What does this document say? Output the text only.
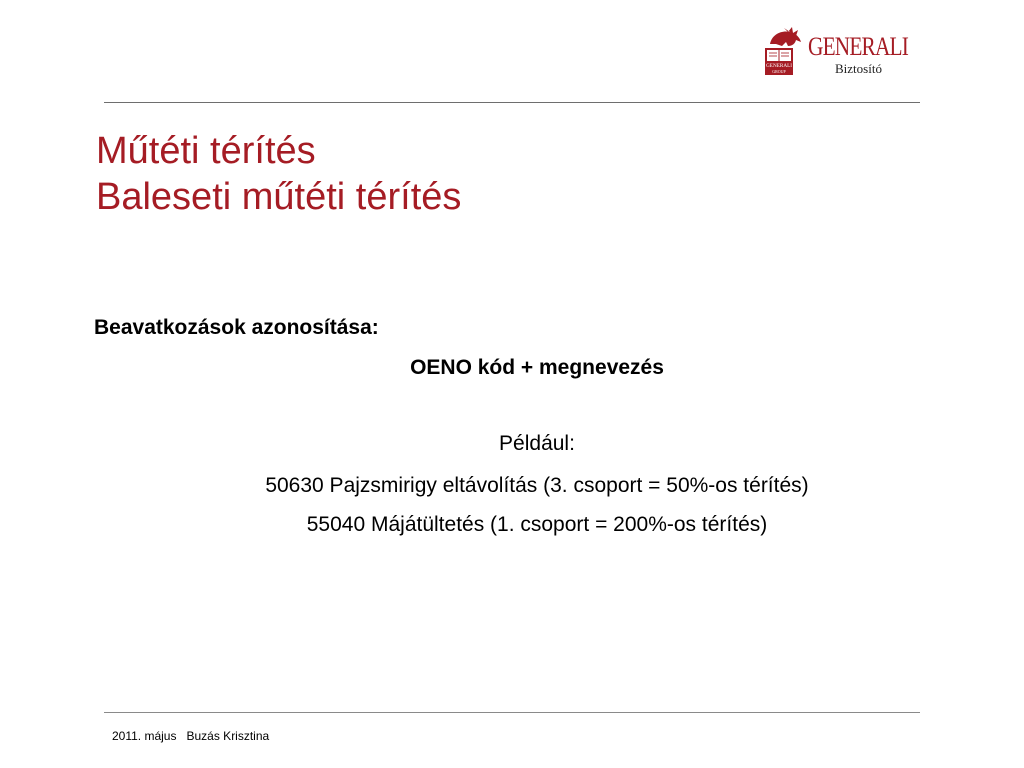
GENERALI
GROUP
GENERALI
Biztosító
Műtéti térítés
Baleseti műtéti térítés
Beavatkozások azonosítása:
OENO kód + megnevezés
Például:
50630 Pajzsmirigy eltávolítás (3. csoport = 50%-os térítés)
55040 Májátültetés (1. csoport = 200%-os térítés)
2011. május Buzás Krisztina
